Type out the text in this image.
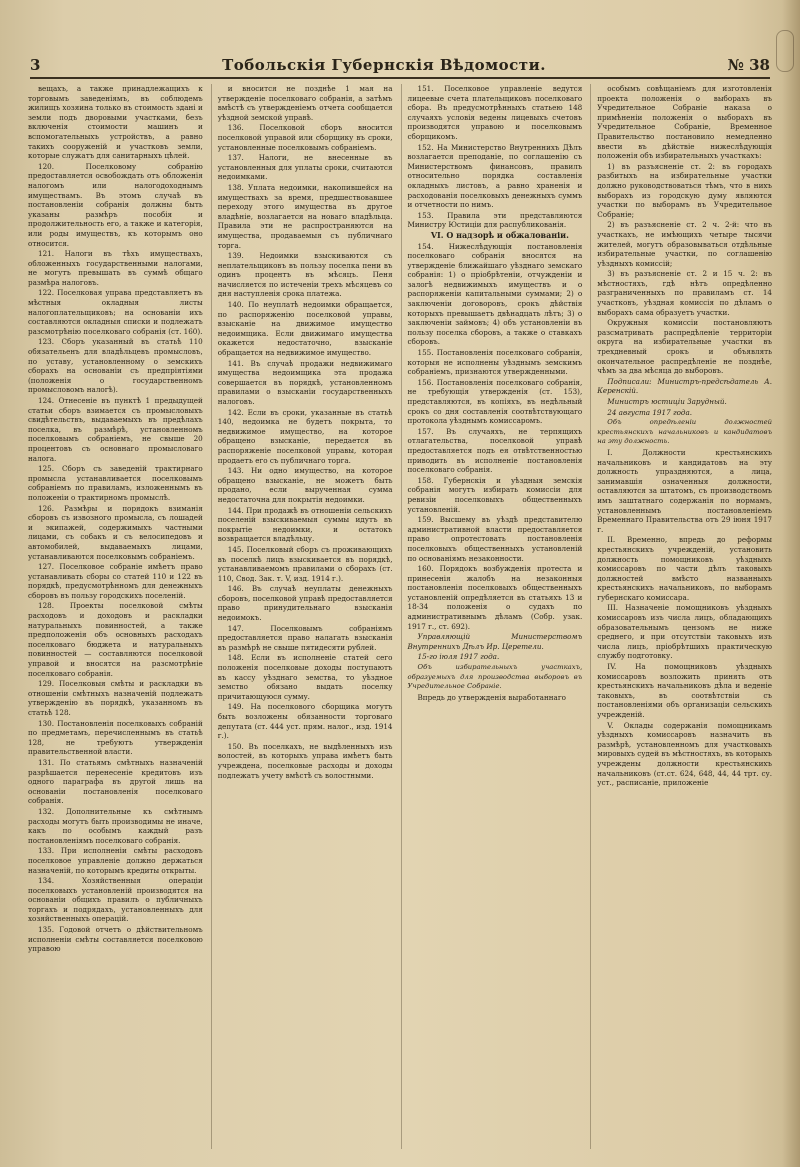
3	Тобольскія Губернскія Вѣдомости.	№ 38

вещахъ, а также принадлежащихъ к торговымъ заведеніямъ, въ соблюдемъ жилищъ хозяина только въ стоимость здані и земли подъ дворовыми участками, безъ включенія стоимости машинъ и вспомогательныхъ устройствъ, а равно такихъ сооруженій и участковъ земли, которые служатъ для санитарныхъ цѣлей.

120. Поселковому собранію предоставляется освобождать отъ обложенія налогомъ или налогодоходнымъ имуществамъ. Въ этомъ случаѣ въ постановленіи собранія должны быть указаны размѣръ пособія и продолжительность его, а также и категорія, или роды имуществъ, къ которымъ оно относится.

121. Налоги въ тѣхъ имуществахъ, обложенныхъ государственными налогами, не могутъ превышать въ суммѣ общаго размѣра налоговъ.

122. Поселковая управа представляетъ въ мѣстныя окладныя листы налогоплательщиковъ; на основаніи ихъ составляются окладныя списки и подлежатъ разсмотрѣнію поселковаго собранія (ст. 160).

123. Сборъ указанный въ статьѣ 110 обязательенъ для владѣльцевъ промысловъ, по уставу, установленному о земскихъ сборахъ на основаніи съ предпріятіями (положенія о государственномъ промысловомъ налогѣ).

124. Отнесеніе въ пунктѣ 1 предыдущей статьи сборъ взимается съ промысловыхъ свидѣтельствъ, выдаваемыхъ въ предѣлахъ поселка, въ размѣрѣ, установленномъ поселковымъ собраніемъ, не свыше 20 процентовъ съ основнаго промысловаго налога.

125. Сборъ съ заведеній трактирнаго промысла устанавливается поселковымъ собраніемъ по правиламъ, изложеннымъ въ положеніи о трактирномъ промыслѣ.

126. Размѣры и порядокъ взиманія сборовъ съ извозного промысла, съ лошадей и экипажей, содержимыхъ частными лицами, съ собакъ и съ велосипедовъ и автомобилей, выдаваемыхъ лицами, устанавливаются поселковымъ собраніемъ.

127. Поселковое собраніе имѣетъ право устанавливать сборы со статей 110 и 122 въ порядкѣ, предусмотрѣнномъ для денежныхъ сборовъ въ пользу городскихъ поселеній.

128. Проекты поселковой смѣты расходовъ и доходовъ и раскладки натуральныхъ повинностей, а также предположенія объ основныхъ расходахъ поселковаго бюджета и натуральныхъ повинностей — составляются поселковой управой и вносятся на разсмотрѣніе поселковаго собранія.

129. Поселковыя смѣты и раскладки въ отношеніи смѣтныхъ назначеній подлежатъ утвержденію въ порядкѣ, указанномъ въ статьѣ 128.

130. Постановленія поселковыхъ собраній по предметамъ, перечисленнымъ въ статьѣ 128, не требуютъ утвержденія правительственной власти.

131. По статьямъ смѣтныхъ назначеній разрѣшается перенесеніе кредитовъ изъ одного параграфа въ другой лишь на основаніи постановленія поселковаго собранія.

132. Дополнительные къ смѣтнымъ расходы могутъ быть производимы не иначе, какъ по особымъ каждый разъ постановленіямъ поселковаго собранія.

133. При исполненіи смѣты расходовъ поселковое управленіе должно держаться назначеній, по которымъ кредиты открыты.

134. Хозяйственныя операціи поселковыхъ установленій производятся на основаніи общихъ правилъ о публичныхъ торгахъ и подрядахъ, установленныхъ для хозяйственныхъ операцій.

135. Годовой отчетъ о дѣйствительномъ исполненіи смѣты составляется поселковою управою

и вносится не позднѣе 1 мая на утвержденіе поселковаго собранія, а затѣмъ вмѣстѣ съ утвержденіемъ отчета сообщается уѣздной земской управѣ.

136. Поселковой сборъ вносится поселковой управой или сборщику въ сроки, установленные поселковымъ собраніемъ.

137. Налоги, не внесенные въ установленныя для уплаты сроки, считаются недоимками.

138. Уплата недоимки, накопившейся на имуществахъ за время, предшествовавшее переходу этого имущества въ другое владѣніе, возлагается на новаго владѣльца. Правила эти не распространяются на имущества, продаваемыя съ публичнаго торга.

139. Недоимки взыскиваются съ неплательщиковъ въ пользу поселка пени въ одинъ процентъ въ мѣсяцъ. Пеня начисляется по истеченіи трехъ мѣсяцевъ со дня наступленія срока платежа.

140. По неуплатѣ недоимки обращается, по распоряженію поселковой управы, взысканіе на движимое имущество недоимщика. Если движимаго имущества окажется недостаточно, взысканіе обращается на недвижимое имущество.

141. Въ случаѣ продажи недвижимаго имущества недоимщика эта продажа совершается въ порядкѣ, установленномъ правилами о взысканіи государственныхъ налоговъ.

142. Если въ сроки, указанные въ статьѣ 140, недоимка не будетъ покрыта, то недвижимое имущество, на которое обращено взысканіе, передается въ распоряженіе поселковой управы, которая продаетъ его съ публичнаго торга.

143. Ни одно имущество, на которое обращено взысканіе, не можетъ быть продано, если вырученная сумма недостаточна для покрытія недоимки.

144. При продажѣ въ отношеніи сельскихъ поселеній взыскиваемыя суммы идутъ въ покрытіе недоимки, и остатокъ возвращается владѣльцу.

145. Поселковый сборъ съ проживающихъ въ поселкѣ лицъ взыскивается въ порядкѣ, устанавливаемомъ правилами о сборахъ (ст. 110, Свод. Зак. т. V, изд. 1914 г.).

146. Въ случаѣ неуплаты денежныхъ сборовъ, поселковой управѣ предоставляется право принудительнаго взысканія недоимокъ.

147. Поселковымъ собраніямъ предоставляется право налагать взысканія въ размѣрѣ не свыше пятидесяти рублей.

148. Если въ исполненіе статей сего положенія поселковые доходы поступаютъ въ кассу уѣзднаго земства, то уѣздное земство обязано выдать поселку причитающуюся сумму.

149. На поселкового сборщика могутъ быть возложены обязанности торговаго депутата (ст. 444 уст. прям. налог., изд. 1914 г.).

150. Въ поселкахъ, не выдѣленныхъ изъ волостей, въ которыхъ управа имѣетъ быть учреждена, поселковые расходы и доходы подлежатъ учету вмѣстѣ съ волостными.

151. Поселковое управленіе ведутся лицеевые счета плательщиковъ поселковаго сбора. Въ предусмотрѣнныхъ статьею 148 случаяхъ условія ведены лицевыхъ счетовъ производятся управою и поселковымъ сборщикомъ.

152. На Министерство Внутреннихъ Дѣлъ возлагается преподаніе, по соглашенію съ Министерствомъ финансовъ, правилъ относительно порядка составленія окладныхъ листовъ, а равно храненія и расходованія поселковыхъ денежныхъ суммъ и отчетности по нимъ.

153. Правила эти представляются Министру Юстиціи для распубликованія.

VI. О надзорѣ и обжалованіи.

154. Нижеслѣдующія постановленія поселковаго собранія вносятся на утвержденіе ближайшаго уѣзднаго земскаго собранія: 1) о пріобрѣтеніи, отчужденіи и залогѣ недвижимыхъ имуществъ и о распоряженіи капитальными суммами; 2) о заключеніи договоровъ, срокъ дѣйствія которыхъ превышаетъ двѣнадцать лѣтъ; 3) о заключеніи займовъ; 4) объ установленіи въ пользу поселка сборовъ, а также о ставкахъ сборовъ.

155. Постановленія поселковаго собранія, которыя не исполнены уѣзднымъ земскимъ собраніемъ, признаются утвержденными.

156. Постановленія поселковаго собранія, не требующія утвержденія (ст. 153), представляются, въ копіяхъ, въ недѣльный срокъ со дня составленія соотвѣтствующаго протокола уѣзднымъ комиссаромъ.

157. Въ случаяхъ, не терпящихъ отлагательства, поселковой управѣ предоставляется подъ ея отвѣтственностью приводить въ исполненіе постановленія поселковаго собранія.

158. Губернскія и уѣздныя земскія собранія могутъ избирать комиссіи для ревизіи поселковыхъ общественныхъ установленій.

159. Высшему въ уѣздѣ представителю административной власти предоставляется право опротестовать постановленія поселковыхъ общественныхъ установленій по основаніямъ незаконности.

160. Порядокъ возбужденія протеста и принесенія жалобъ на незаконныя постановленія поселковыхъ общественныхъ установленій опредѣляется въ статьяхъ 13 и 18-34 положенія о судахъ по административнымъ дѣламъ (Собр. узак. 1917 г., ст. 692).

Управляющій Министерствомъ Внутреннихъ Дѣлъ Ир. Церетели.

15-го іюля 1917 года.

Объ избирательныхъ участкахъ, образуемыхъ для производства выборовъ въ Учредительное Собраніе.

Впредь до утвержденія выработаннаго

особымъ совѣщаніемъ для изготовленія проекта положенія о выборахъ въ Учредительное Собраніе наказа о примѣненіи положенія о выборахъ въ Учредительное Собраніе, Временное Правительство постановило немедленно ввести въ дѣйствіе нижеслѣдующія положенія объ избирательныхъ участкахъ:

1) въ разъясненіе ст. 2: въ городахъ разбитыхъ на избирательные участки должно руководствоваться тѣмъ, что в нихъ выборахъ из городскую думу являются участки по выборамъ въ Учредительное Собраніе;

2) въ разъясненіе ст. 2 ч. 2-й: что въ участкахъ, не имѣющихъ четыре тысячи жителей, могутъ образовываться отдѣльные избирательные участки, по соглашенію уѣздныхъ комиссій;

3) въ разъясненіе ст. 2 и 15 ч. 2: въ мѣстностяхъ, гдѣ нѣтъ опредѣленно разграниченныхъ по правиламъ ст. 14 участковъ, уѣздная комиссія по дѣламъ о выборахъ сама образуетъ участки.

Окружныя комиссіи постановляютъ разсматривать распредѣленіе территоріи округа на избирательные участки въ трехдневный срокъ и объявлять окончательное распредѣленіе не позднѣе, чѣмъ за два мѣсяца до выборовъ.

Подписали: Министръ-предсѣдатель А. Керенскій.

Министръ юстиціи Зарудный.

24 августа 1917 года.

Объ опредѣленіи должностей крестьянскихъ начальниковъ и кандидатовъ на эту должность.

I. Должности крестьянскихъ начальниковъ и кандидатовъ на эту должность упраздняются, а лица, занимавшія означенныя должности, оставляются за штатомъ, съ производствомъ имъ заштатнаго содержанія по нормамъ, установленнымъ постановленіемъ Временнаго Правительства отъ 29 іюня 1917 г.

II. Временно, впредь до реформы крестьянскихъ учрежденій, установить должность помощниковъ уѣздныхъ комиссаровъ по части дѣлъ таковыхъ должностей вмѣсто названныхъ крестьянскихъ начальниковъ, по выборамъ губернскаго комиссара.

III. Назначеніе помощниковъ уѣздныхъ комиссаровъ изъ числа лицъ, обладающихъ образовательнымъ цензомъ не ниже среднего, и при отсутствіи таковыхъ изъ числа лицъ, пріобрѣтшихъ практическую службу подготовку.

IV. На помощниковъ уѣздныхъ комиссаровъ возложить принять отъ крестьянскихъ начальниковъ дѣла и веденіе таковыхъ, въ соотвѣтствіи съ постановленіями объ организаціи сельскихъ учрежденій.

V. Оклады содержанія помощникамъ уѣздныхъ комиссаровъ назначить въ размѣрѣ, установленномъ для участковыхъ мировыхъ судей въ мѣстностяхъ, въ которыхъ учреждены должности крестьянскихъ начальниковъ (ст.ст. 624, 648, 44, 44 трт. су. уст., расписаніе, приложеніе
